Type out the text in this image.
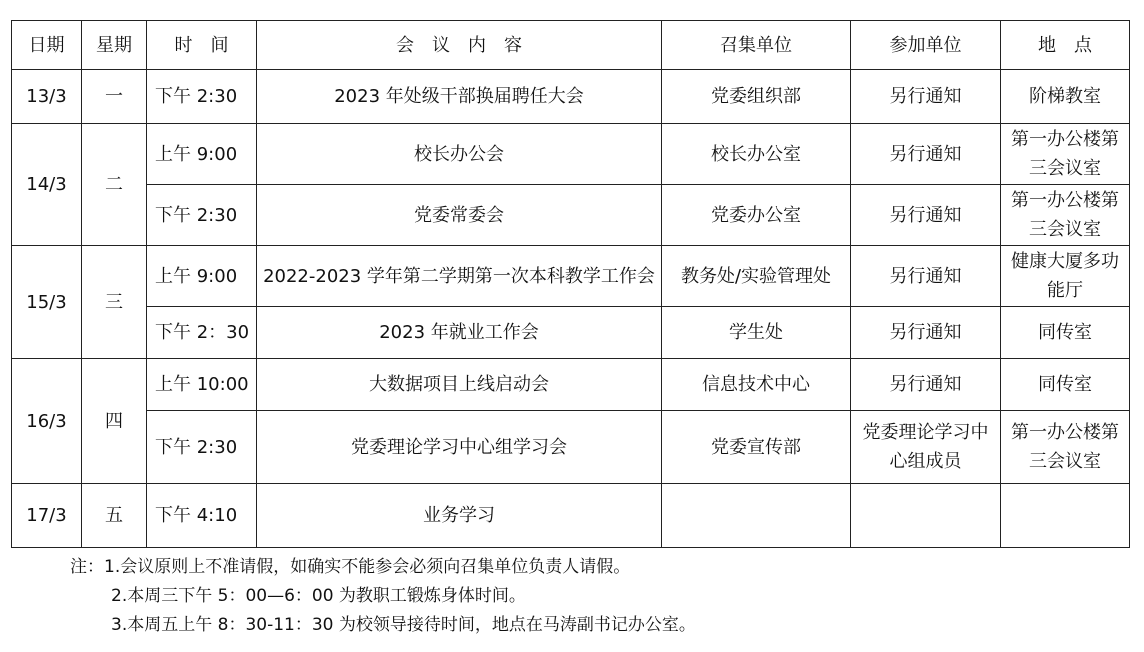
日期	星期	时　间	会　议　内　容	召集单位	参加单位	地　点
13/3	一	下午 2:30	2023 年处级干部换届聘任大会	党委组织部	另行通知	阶梯教室
14/3	二	上午 9:00	校长办公会	校长办公室	另行通知	第一办公楼第三会议室

		下午 2:30	党委常委会	党委办公室	另行通知	第一办公楼第三会议室

15/3	三	上午 9:00	2022-2023 学年第二学期第一次本科教学工作会	教务处/实验管理处	另行通知	健康大厦多功能厅

		下午 2：30	2023 年就业工作会	学生处	另行通知	同传室
16/3	四	上午 10:00	大数据项目上线启动会	信息技术中心	另行通知	同传室
		下午 2:30	党委理论学习中心组学习会	党委宣传部	党委理论学习中心组成员	第一办公楼第三会议室

17/3	五	下午 4:10	业务学习			
注：1.会议原则上不准请假，如确实不能参会必须向召集单位负责人请假。
2.本周三下午 5：00—6：00 为教职工锻炼身体时间。
3.本周五上午 8：30-11：30 为校领导接待时间，地点在马涛副书记办公室。
